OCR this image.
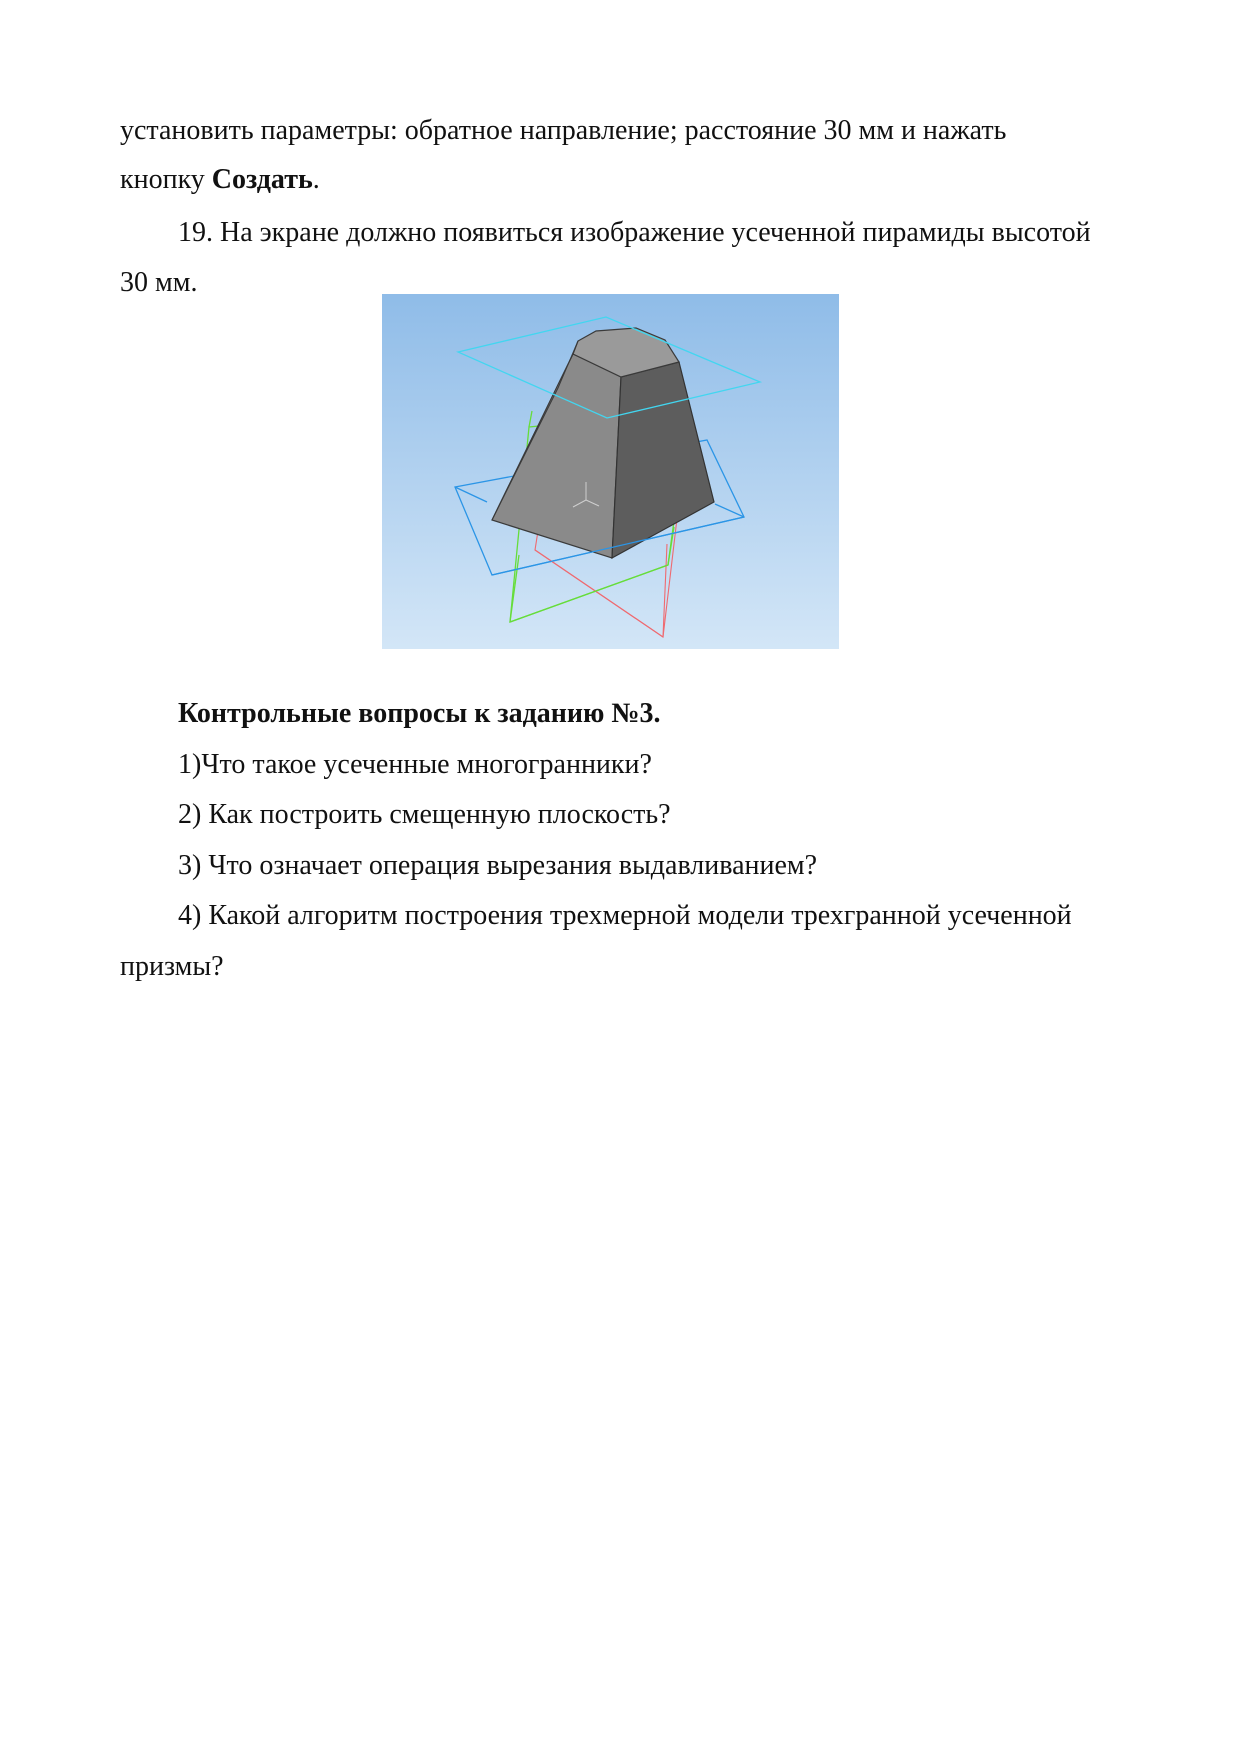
установить параметры: обратное направление; расстояние 30 мм и нажать
кнопку Создать.
19. На экране должно появиться изображение усеченной пирамиды высотой
30 мм.
Контрольные вопросы к заданию №3.
1)Что такое усеченные многогранники?
2) Как построить смещенную плоскость?
3) Что означает операция вырезания выдавливанием?
4) Какой алгоритм построения трехмерной модели трехгранной усеченной
призмы?
